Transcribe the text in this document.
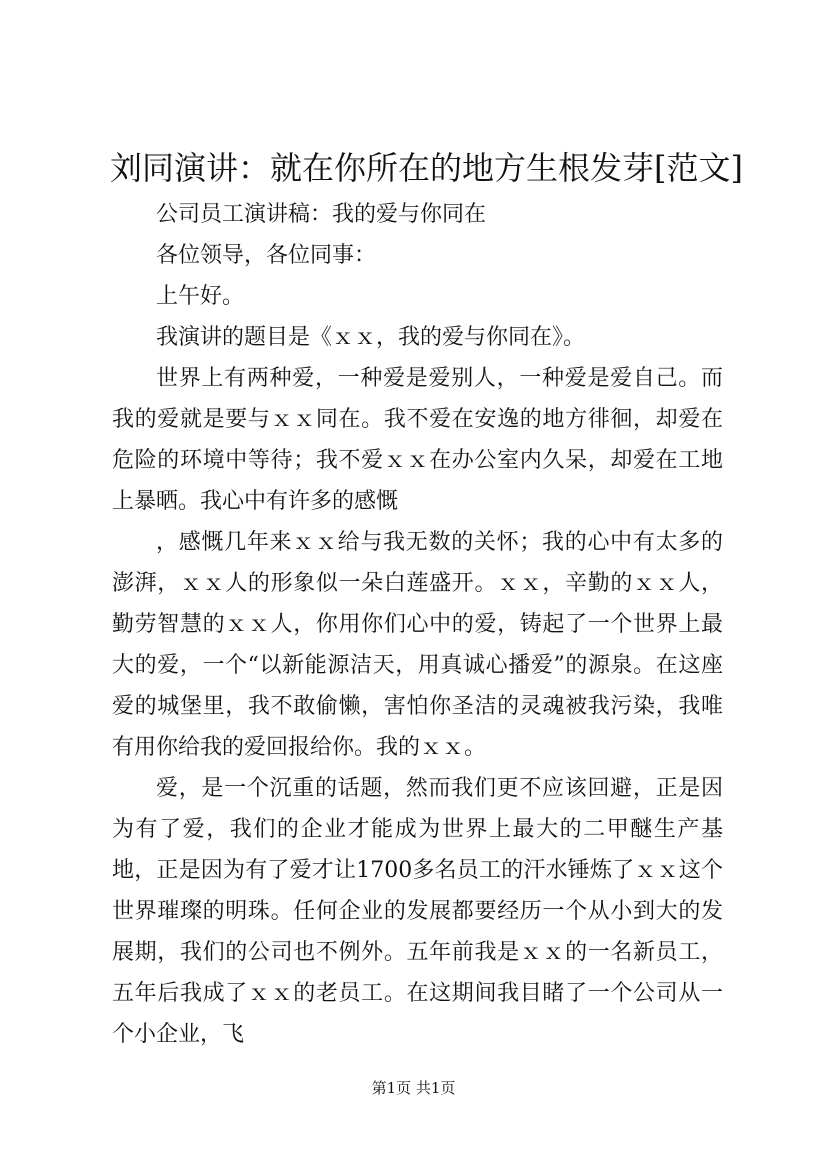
刘同演讲：就在你所在的地方生根发芽[范文]

公司员工演讲稿：我的爱与你同在

各位领导，各位同事：

上午好。

我演讲的题目是《ｘｘ，我的爱与你同在》。

世界上有两种爱，一种爱是爱别人，一种爱是爱自己。而我的爱就是要与ｘｘ同在。我不爱在安逸的地方徘徊，却爱在危险的环境中等待；我不爱ｘｘ在办公室内久呆，却爱在工地上暴晒。我心中有许多的感慨

，感慨几年来ｘｘ给与我无数的关怀；我的心中有太多的澎湃，ｘｘ人的形象似一朵白莲盛开。ｘｘ，辛勤的ｘｘ人，勤劳智慧的ｘｘ人，你用你们心中的爱，铸起了一个世界上最大的爱，一个“以新能源洁天，用真诚心播爱”的源泉。在这座爱的城堡里，我不敢偷懒，害怕你圣洁的灵魂被我污染，我唯有用你给我的爱回报给你。我的ｘｘ。

爱，是一个沉重的话题，然而我们更不应该回避，正是因为有了爱，我们的企业才能成为世界上最大的二甲醚生产基地，正是因为有了爱才让1700多名员工的汗水锤炼了ｘｘ这个世界璀璨的明珠。任何企业的发展都要经历一个从小到大的发展期，我们的公司也不例外。五年前我是ｘｘ的一名新员工，五年后我成了ｘｘ的老员工。在这期间我目睹了一个公司从一个小企业，飞

第1页 共1页
